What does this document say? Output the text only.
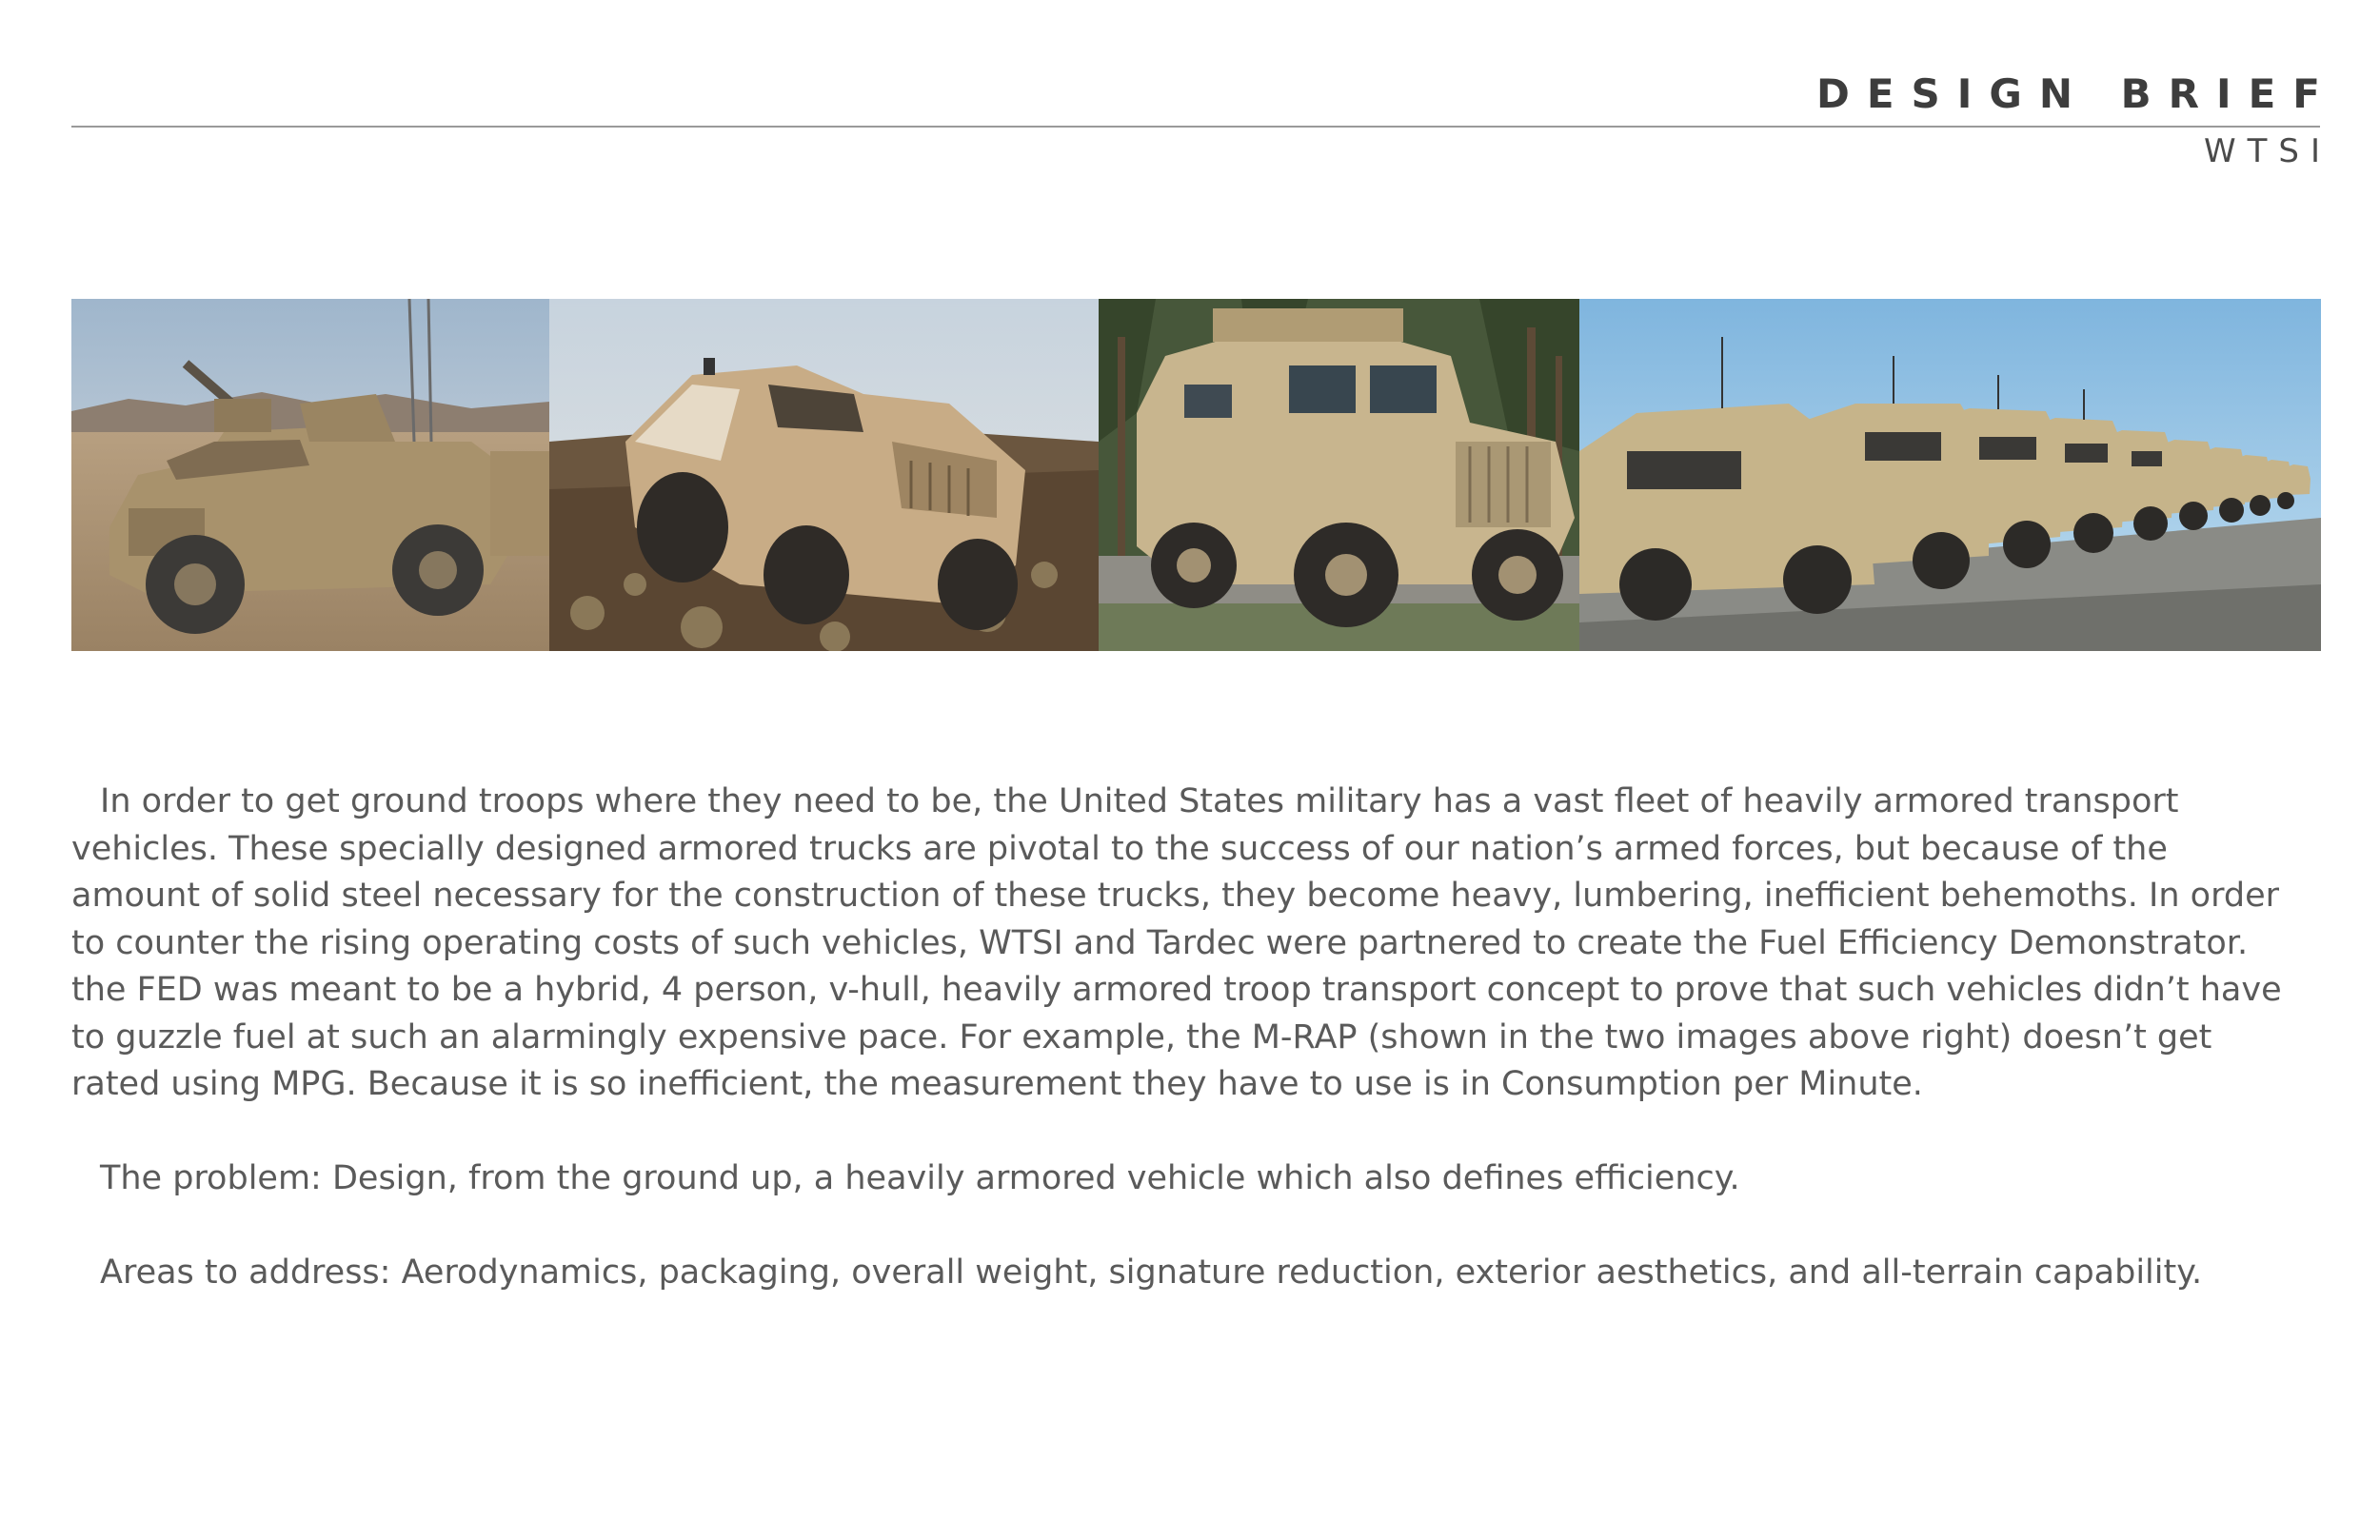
DESIGN BRIEF
WTSI

In order to get ground troops where they need to be, the United States military has a vast fleet of heavily armored transport

vehicles. These specially designed armored trucks are pivotal to the success of our nation’s armed forces, but because of the

amount of solid steel necessary for the construction of these trucks, they become heavy, lumbering, inefficient behemoths. In order

to counter the rising operating costs of such vehicles, WTSI and Tardec were partnered to create the Fuel Efficiency Demonstrator.

the FED was meant to be a hybrid, 4 person, v-hull, heavily armored troop transport concept to prove that such vehicles didn’t have

to guzzle fuel at such an alarmingly expensive pace. For example, the M-RAP (shown in the two images above right) doesn’t get

rated using MPG. Because it is so inefficient, the measurement they have to use is in Consumption per Minute.

The problem: Design, from the ground up, a heavily armored vehicle which also defines efficiency.

Areas to address: Aerodynamics, packaging, overall weight, signature reduction, exterior aesthetics, and all-terrain capability.
